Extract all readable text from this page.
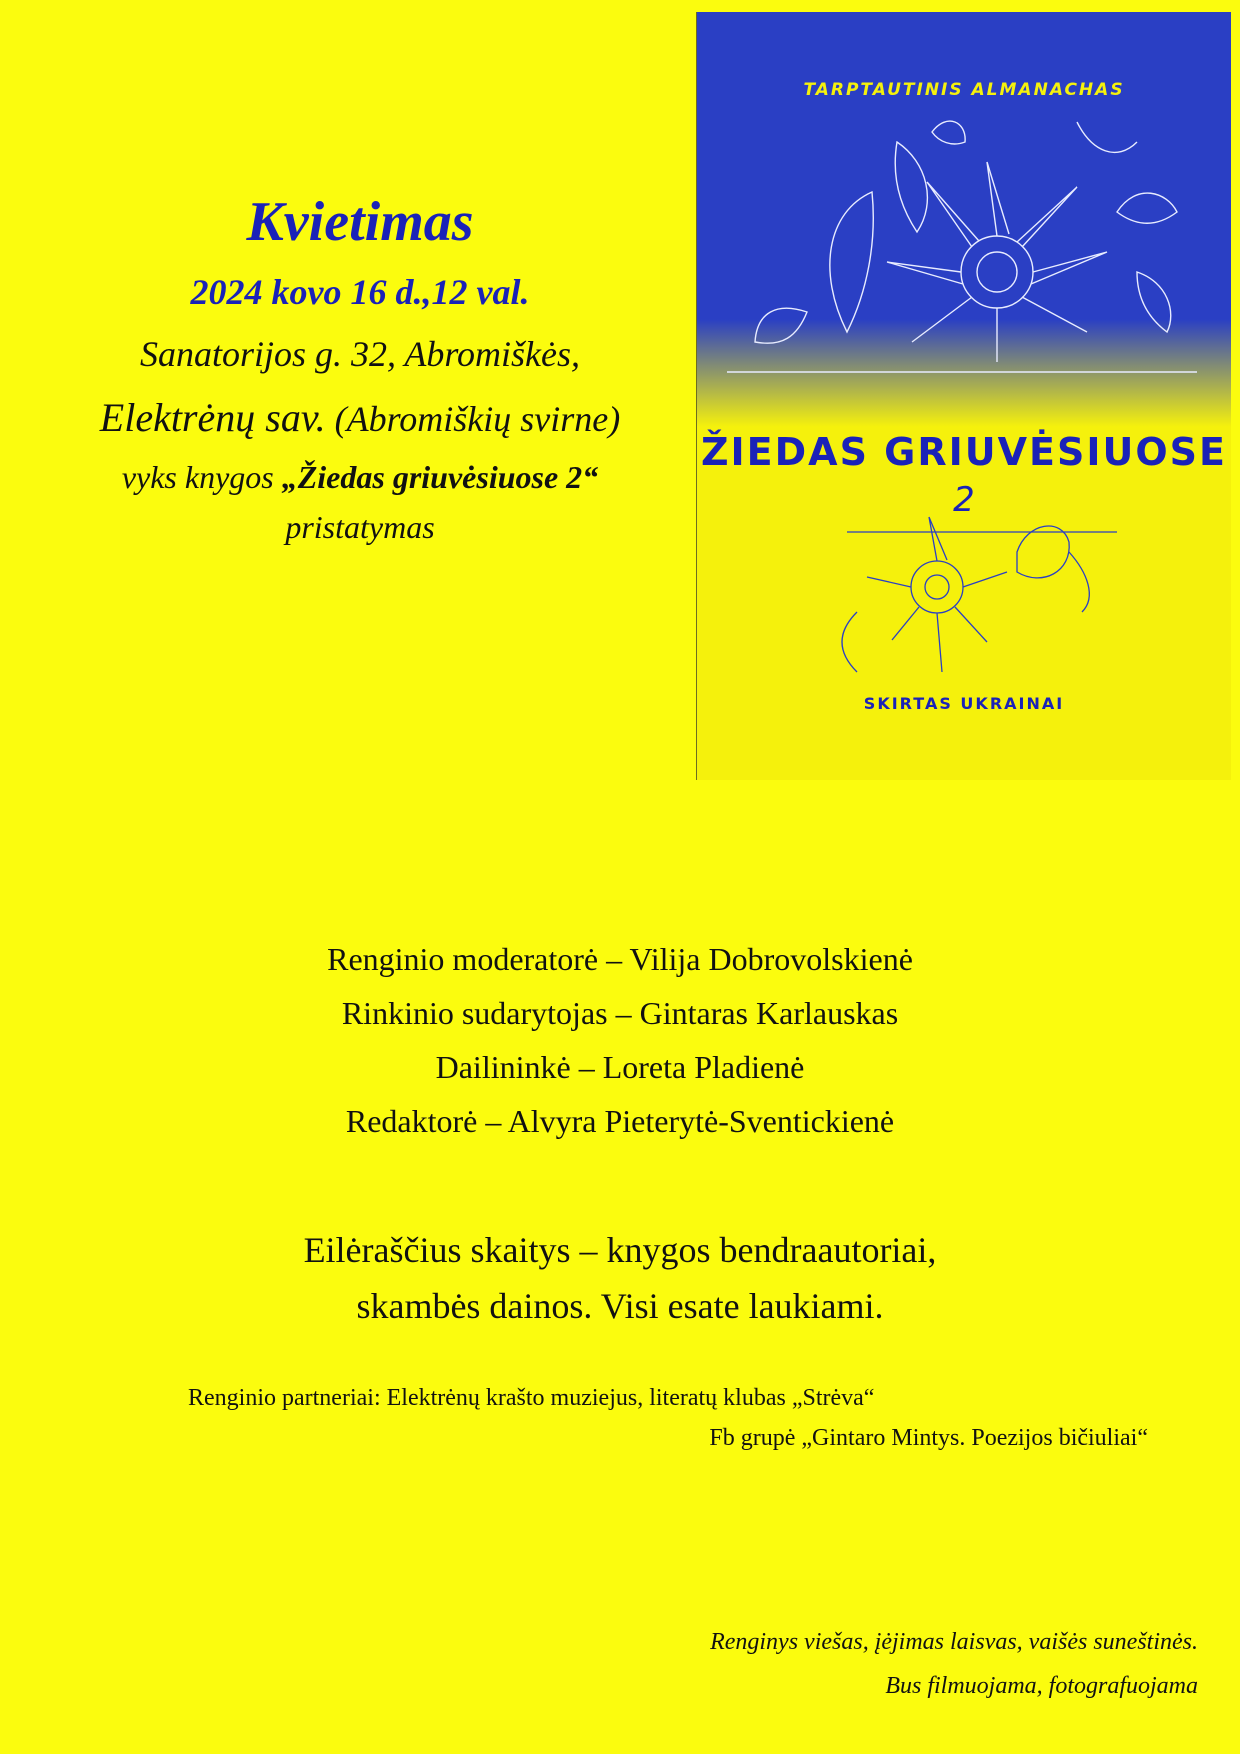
Kvietimas
2024 kovo 16 d.,12 val.
Sanatorijos g. 32, Abromiškės,
Elektrėnų sav. (Abromiškių svirne)
vyks knygos „Žiedas griuvėsiuose 2“
pristatymas
TARPTAUTINIS ALMANACHAS
ŽIEDAS GRIUVĖSIUOSE
2
SKIRTAS UKRAINAI
Renginio moderatorė – Vilija Dobrovolskienė
Rinkinio sudarytojas – Gintaras Karlauskas
Dailininkė – Loreta Pladienė
Redaktorė – Alvyra Pieterytė-Sventickienė
Eilėraščius skaitys – knygos bendraautoriai,
skambės dainos. Visi esate laukiami.
Renginio partneriai: Elektrėnų krašto muziejus, literatų klubas „Strėva“
Fb grupė „Gintaro Mintys. Poezijos bičiuliai“
Renginys viešas, įėjimas laisvas, vaišės suneštinės.
Bus filmuojama, fotografuojama
